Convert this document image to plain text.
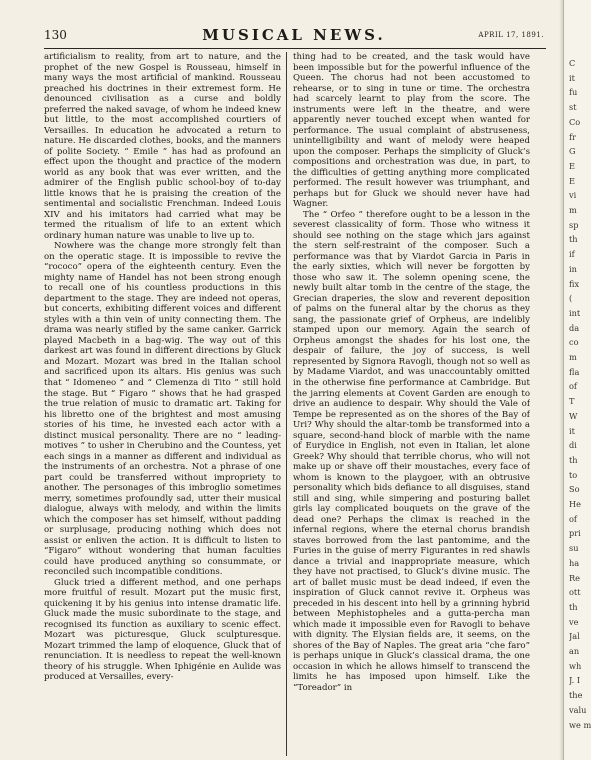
130	MUSICAL NEWS.	APRIL 17, 1891.

artificialism to reality, from art to nature, and the prophet of the new Gospel is Rousseau, himself in many ways the most artificial of mankind. Rousseau preached his doctrines in their extremest form. He denounced civilisation as a curse and boldly preferred the naked savage, of whom he indeed knew but little, to the most accomplished courtiers of Versailles. In education he advocated a return to nature. He discarded clothes, books, and the manners of polite Society. “ Emile ” has had as profound an effect upon the thought and practice of the modern world as any book that was ever written, and the admirer of the English public school-boy of to-day little knows that he is praising the creation of the sentimental and socialistic Frenchman. Indeed Louis XIV and his imitators had carried what may be termed the ritualism of life to an extent which ordinary human nature was unable to live up to.

Nowhere was the change more strongly felt than on the operatic stage. It is impossible to revive the “rococo” opera of the eighteenth century. Even the mighty name of Handel has not been strong enough to recall one of his countless productions in this department to the stage. They are indeed not operas, but concerts, exhibiting different voices and different styles with a thin vein of unity connecting them. The drama was nearly stifled by the same canker. Garrick played Macbeth in a bag-wig. The way out of this darkest art was found in different directions by Gluck and Mozart. Mozart was bred in the Italian school and sacrificed upon its altars. His genius was such that “ Idomeneo ” and “ Clemenza di Tito ” still hold the stage. But “ Figaro ” shows that he had grasped the true relation of music to dramatic art. Taking for his libretto one of the brightest and most amusing stories of his time, he invested each actor with a distinct musical personality. There are no “ leading-motives ” to usher in Cherubino and the Countess, yet each sings in a manner as different and individual as the instruments of an orchestra. Not a phrase of one part could be transferred without impropriety to another. The personages of this imbroglio sometimes merry, sometimes profoundly sad, utter their musical dialogue, always with melody, and within the limits which the composer has set himself, without padding or surplusage, producing nothing which does not assist or enliven the action. It is difficult to listen to “Figaro” without wondering that human faculties could have produced anything so consummate, or reconciled such incompatible conditions.

Gluck tried a different method, and one perhaps more fruitful of result. Mozart put the music first, quickening it by his genius into intense dramatic life. Gluck made the music subordinate to the stage, and recognised its function as auxiliary to scenic effect. Mozart was picturesque, Gluck sculpturesque. Mozart trimmed the lamp of eloquence, Gluck that of renunciation. It is needless to repeat the well-known theory of his struggle. When Iphigénie en Aulide was produced at Versailles, every-

thing had to be created, and the task would have been impossible but for the powerful influence of the Queen. The chorus had not been accustomed to rehearse, or to sing in tune or time. The orchestra had scarcely learnt to play from the score. The instruments were left in the theatre, and were apparently never touched except when wanted for performance. The usual complaint of abstruseness, unintelligibility and want of melody were heaped upon the composer. Perhaps the simplicity of Gluck’s compositions and orchestration was due, in part, to the difficulties of getting anything more complicated performed. The result however was triumphant, and perhaps but for Gluck we should never have had Wagner.

The “ Orfeo ” therefore ought to be a lesson in the severest classicality of form. Those who witness it should see nothing on the stage which jars against the stern self-restraint of the composer. Such a performance was that by Viardot Garcia in Paris in the early sixties, which will never be forgotten by those who saw it. The solemn opening scene, the newly built altar tomb in the centre of the stage, the Grecian draperies, the slow and reverent deposition of palms on the funeral altar by the chorus as they sang, the passionate grief of Orpheus, are indelibly stamped upon our memory. Again the search of Orpheus amongst the shades for his lost one, the despair of failure, the joy of success, is well represented by Signora Ravogli, though not so well as by Madame Viardot, and was unaccountably omitted in the otherwise fine performance at Cambridge. But the jarring elements at Covent Garden are enough to drive an audience to despair. Why should the Vale of Tempe be represented as on the shores of the Bay of Uri? Why should the altar-tomb be transformed into a square, second-hand block of marble with the name of Eurydice in English, not even in Italian, let alone Greek? Why should that terrible chorus, who will not make up or shave off their moustaches, every face of whom is known to the playgoer, with an obtrusive personality which bids defiance to all disguises, stand still and sing, while simpering and posturing ballet girls lay complicated bouquets on the grave of the dead one? Perhaps the climax is reached in the infernal regions, where the eternal chorus brandish staves borrowed from the last pantomime, and the Furies in the guise of merry Figurantes in red shawls dance a trivial and inappropriate measure, which they have not practised, to Gluck’s divine music. The art of ballet music must be dead indeed, if even the inspiration of Gluck cannot revive it. Orpheus was preceded in his descent into hell by a grinning hybrid between Mephistopheles and a gutta-percha man which made it impossible even for Ravogli to behave with dignity. The Elysian fields are, it seems, on the shores of the Bay of Naples. The great aria “che faro” is perhaps unique in Gluck’s classical drama, the one occasion in which he allows himself to transcend the limits he has imposed upon himself. Like the “Toreador” in

C
it
fu
st
Co
fr
G
E
E
vi
m
sp
th
if
in
fix
(
int
da
co
m
fla
of
T
W
it
di
th
to
So
He
of
pri
su
ha
Re
ott
th
ve
Jal
an
wh
J. I
the
valu
we m
